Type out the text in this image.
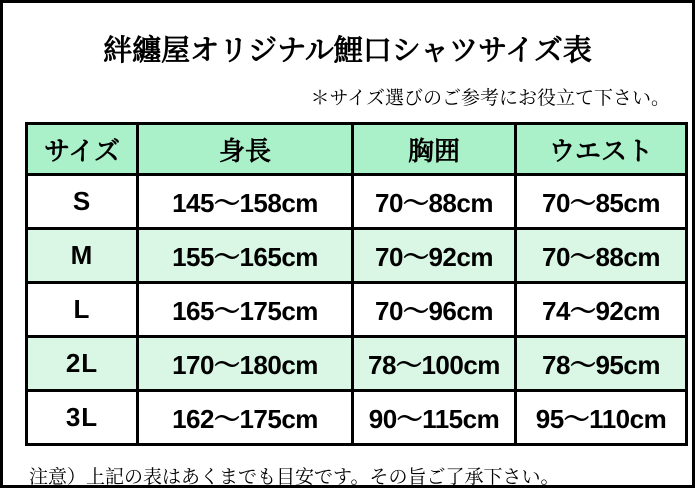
絆纏屋オリジナル鯉口シャツサイズ表
＊サイズ選びのご参考にお役立て下さい。
サイズ	身長	胸囲	ウエスト
S	145〜158cm	70〜88cm	70〜85cm
M	155〜165cm	70〜92cm	70〜88cm
L	165〜175cm	70〜96cm	74〜92cm
2L	170〜180cm	78〜100cm	78〜95cm
3L	162〜175cm	90〜115cm	95〜110cm
注意）上記の表はあくまでも目安です。その旨ご了承下さい。
